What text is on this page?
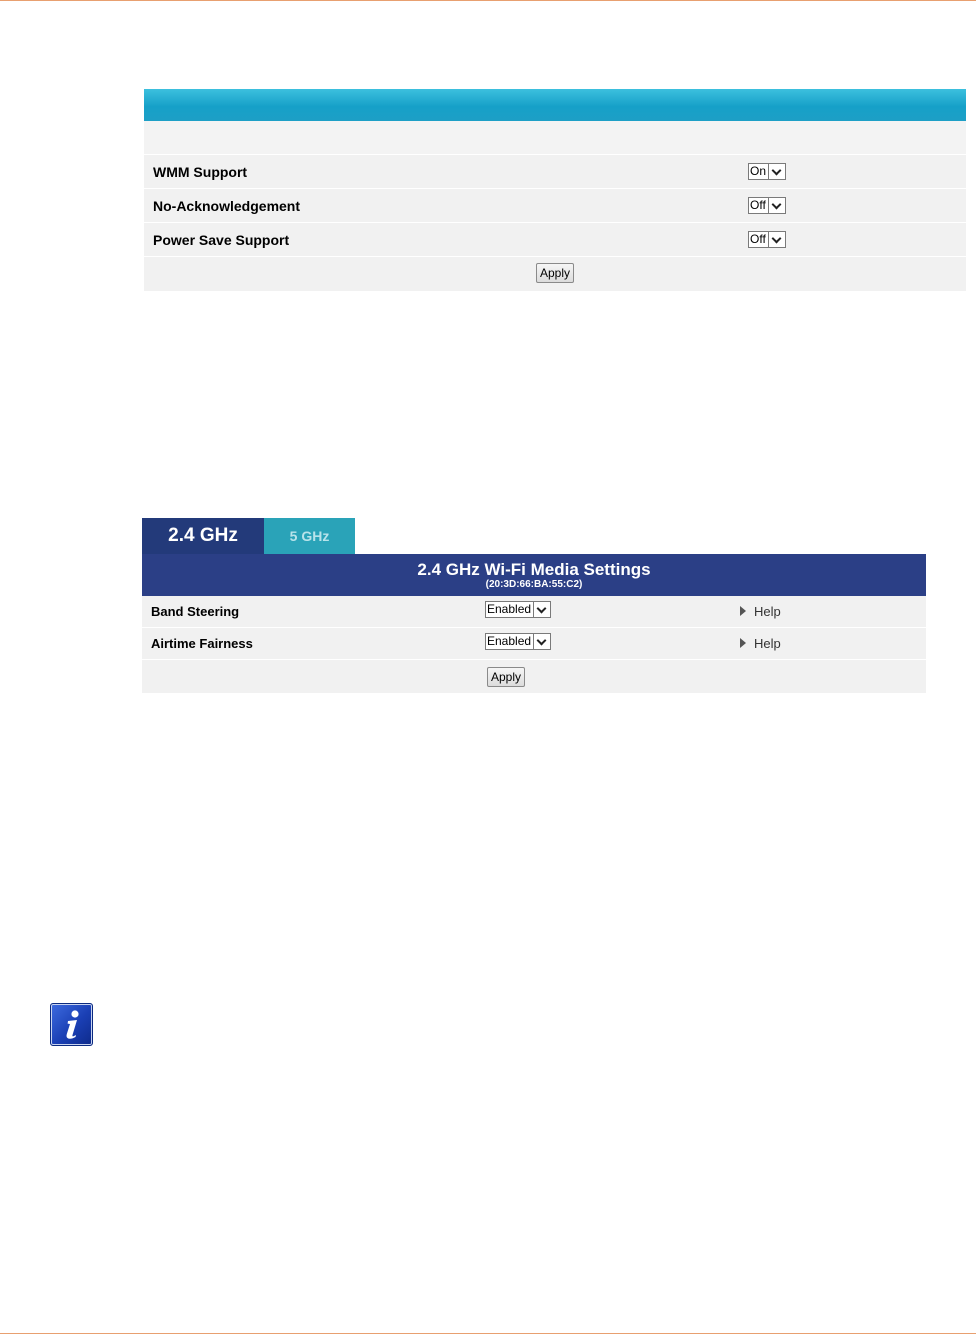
WMM Support	On
No-Acknowledgement	Off
Power Save Support	Off
Apply
2.4 GHz	5 GHz
2.4 GHz Wi-Fi Media Settings
(20:3D:66:BA:55:C2)
Band Steering	Enabled	Help
Airtime Fairness	Enabled	Help
Apply
